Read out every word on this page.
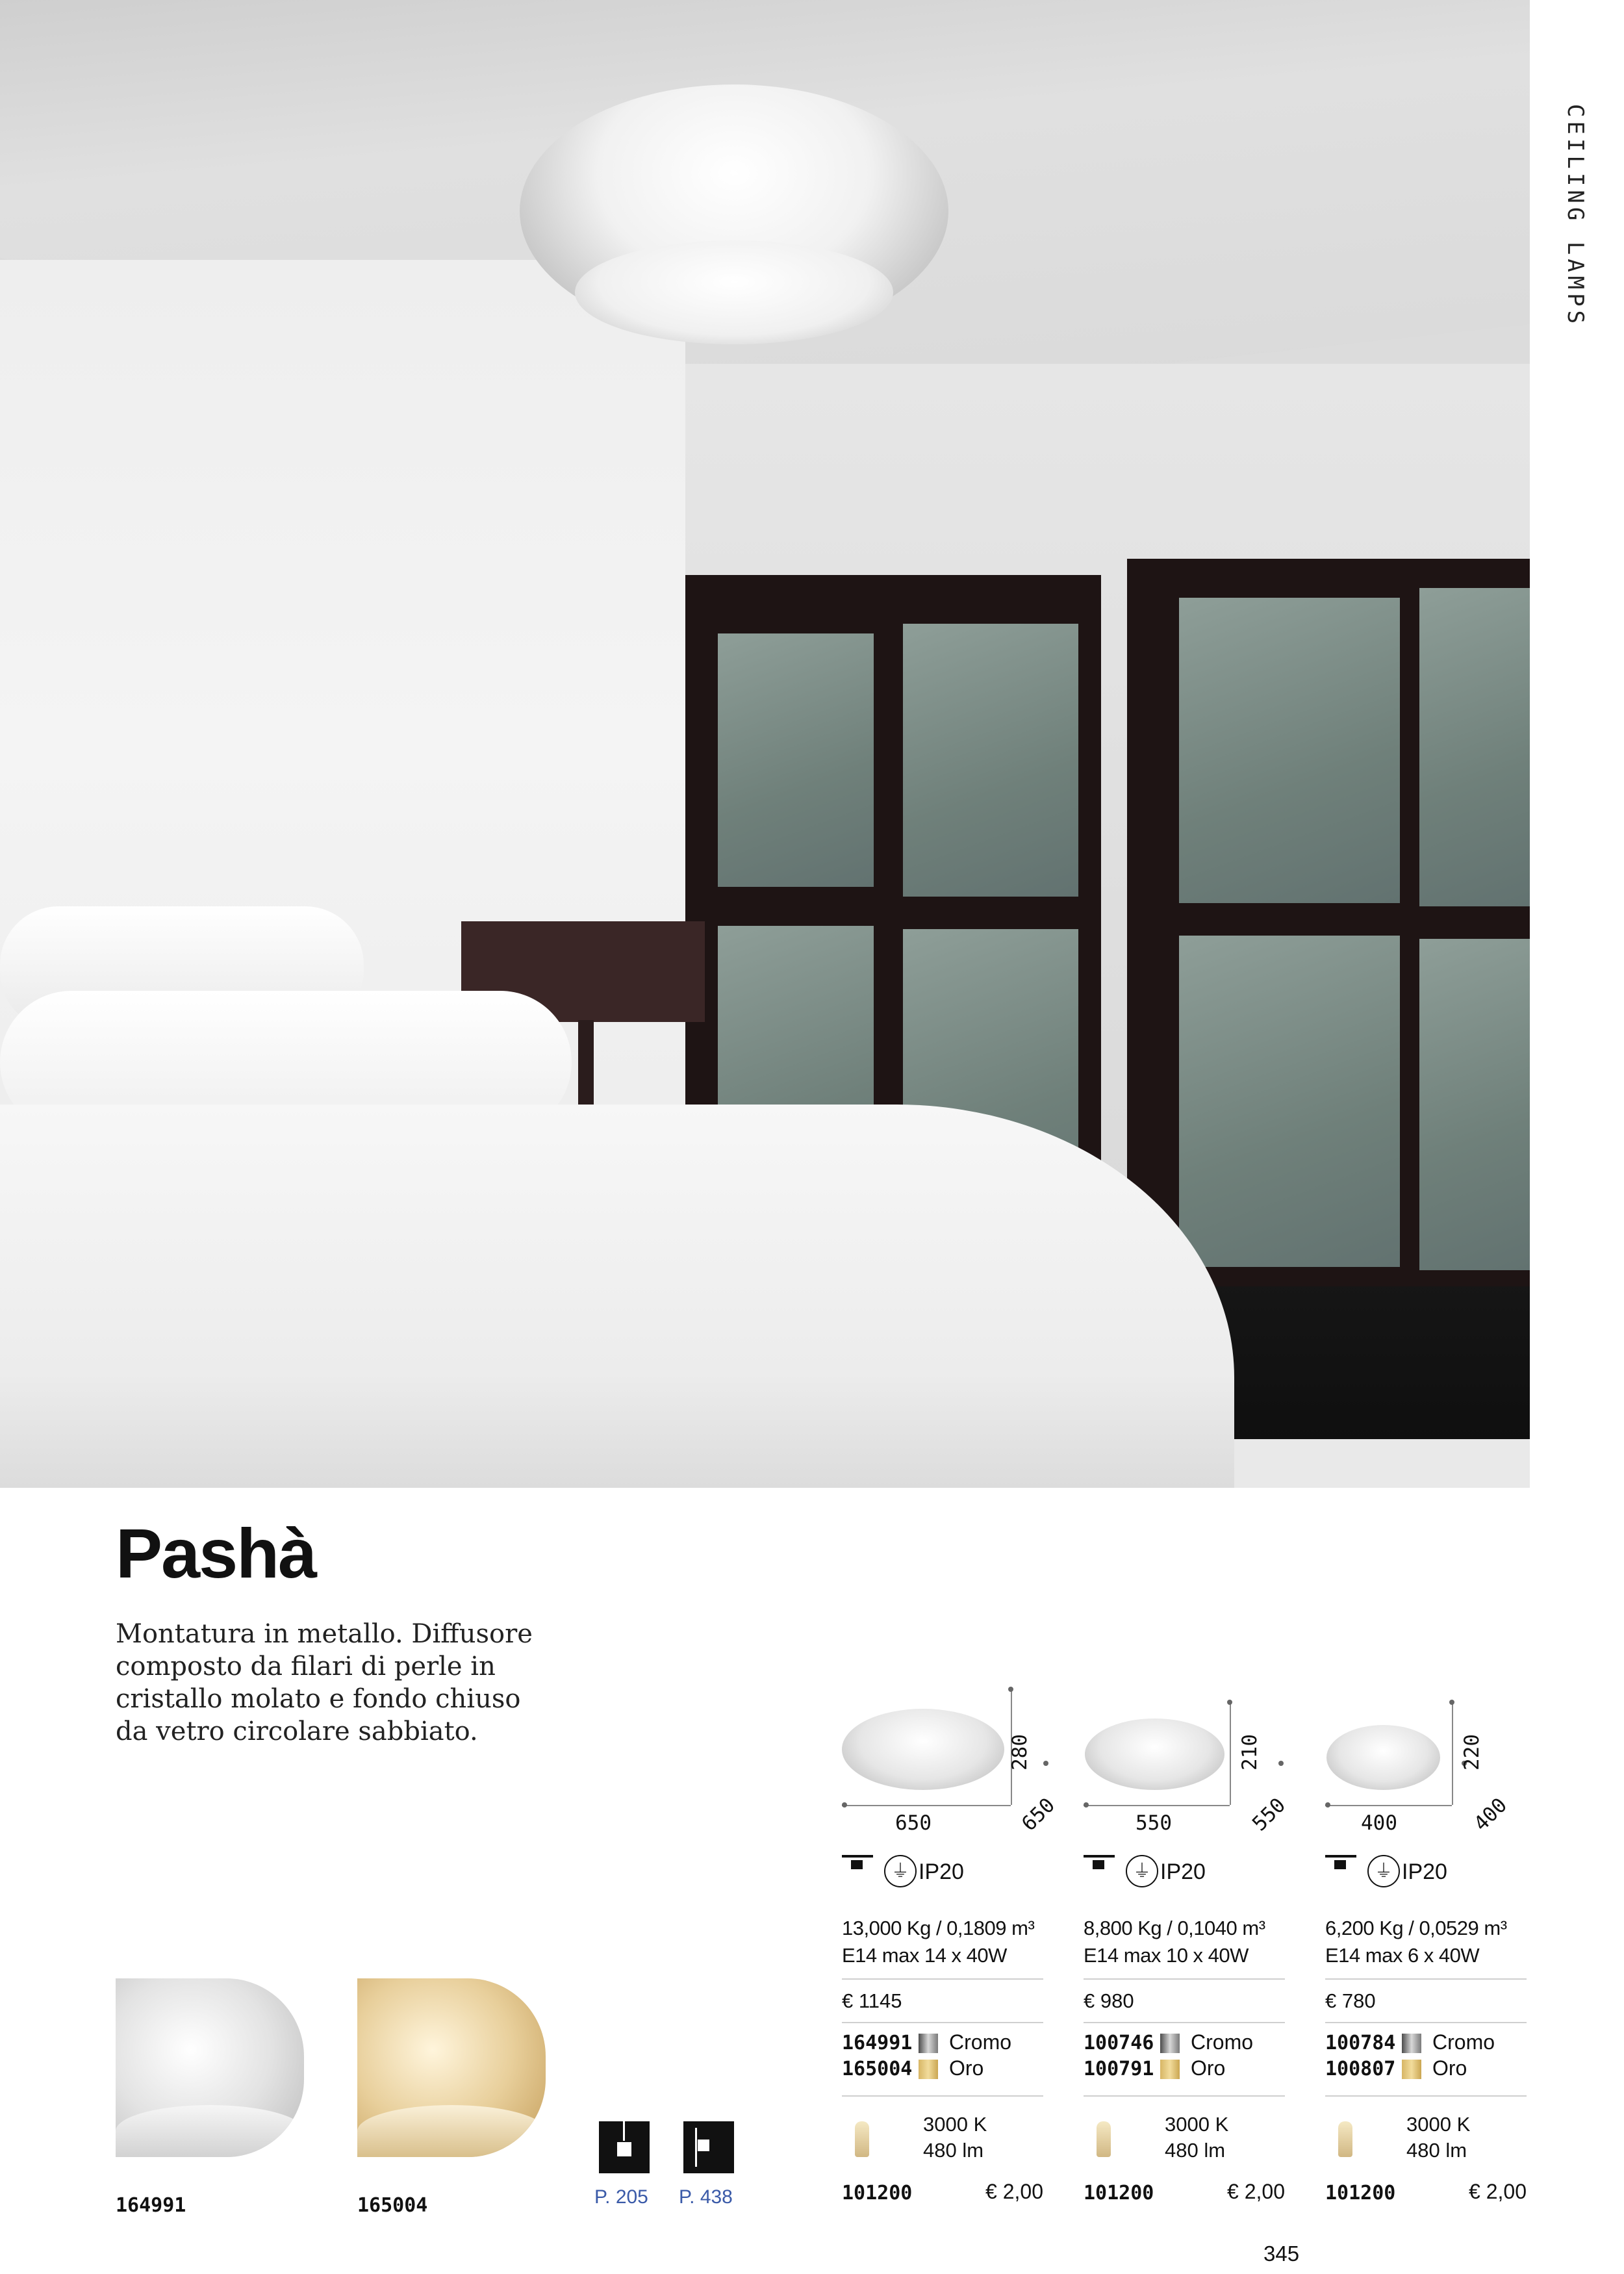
CEILING LAMPS
Pashà
Montatura in metallo. Diffusore composto da filari di perle in cristallo molato e fondo chiuso da vetro circolare sabbiato.
164991	165004	P. 205 P. 438
650
280
650
⏚ IP20
13,000 Kg / 0,1809 m³
E14 max 14 x 40W
€ 1145
164991 Cromo
165004 Oro
3000 K
480 lm
101200	€ 2,00
550
210
550
⏚ IP20
8,800 Kg / 0,1040 m³
E14 max 10 x 40W
€ 980
100746 Cromo
100791 Oro
3000 K
480 lm
101200	€ 2,00
400
220
400
⏚ IP20
6,200 Kg / 0,0529 m³
E14 max 6 x 40W
€ 780
100784 Cromo
100807 Oro
3000 K
480 lm
101200	€ 2,00
345
